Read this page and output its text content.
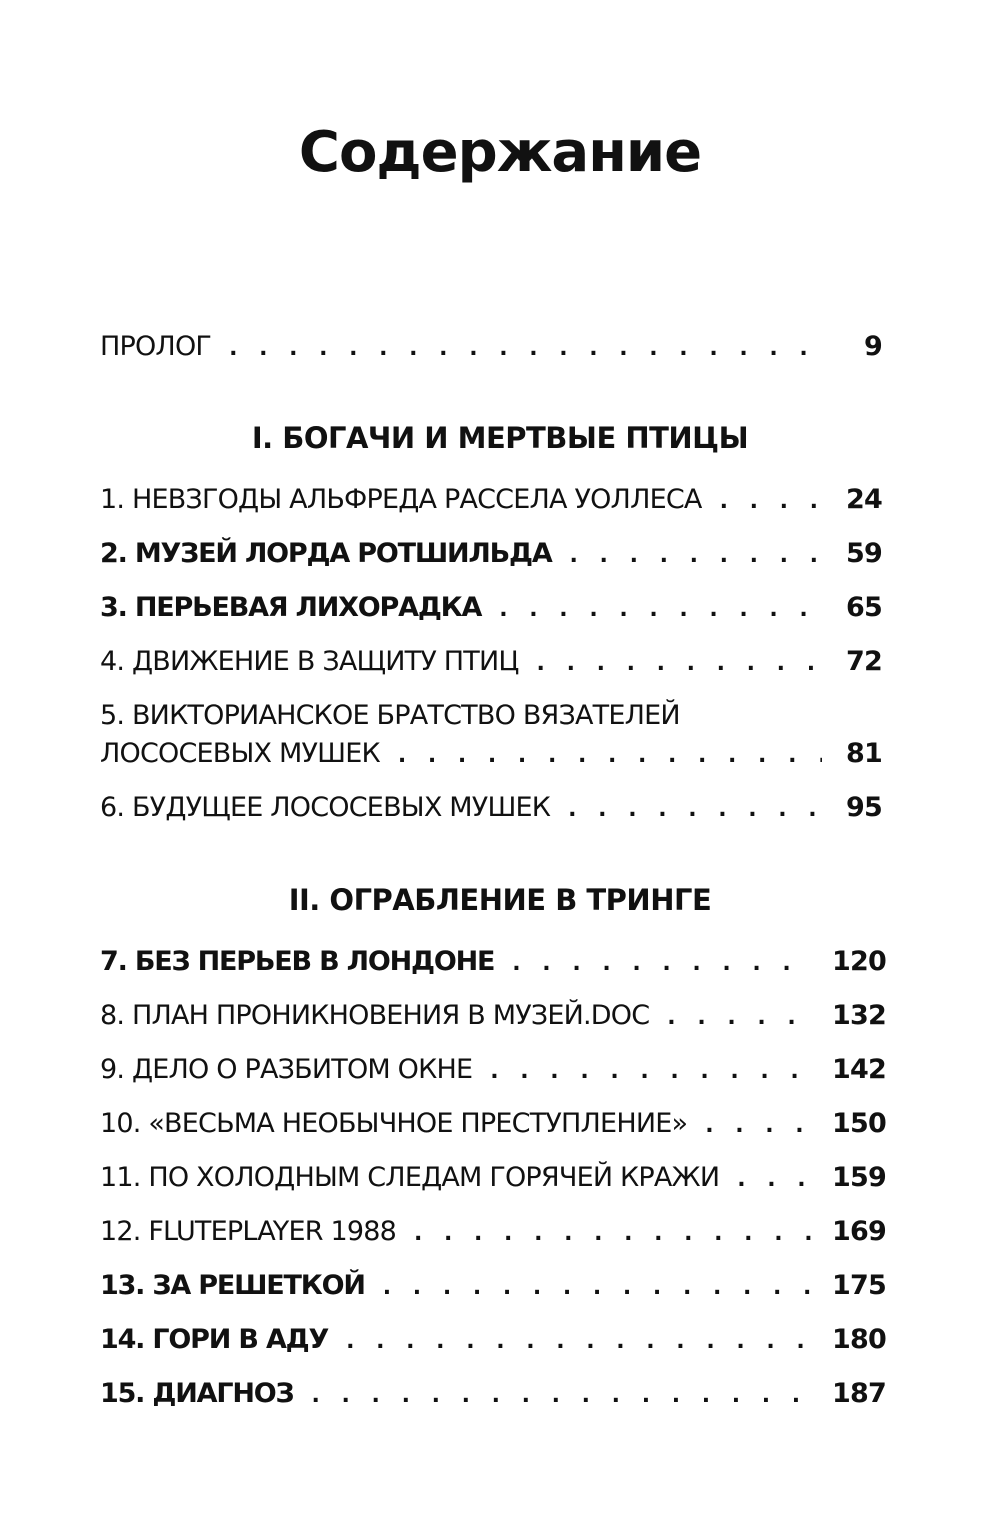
Содержание
ПРОЛОГ . . .	9
I. БОГАЧИ И МЕРТВЫЕ ПТИЦЫ
1. НЕВЗГОДЫ АЛЬФРЕДА РАССЕЛА УОЛЛЕСА . . .	24
2. МУЗЕЙ ЛОРДА РОТШИЛЬДА . . .	59
3. ПЕРЬЕВАЯ ЛИХОРАДКА . . .	65
4. ДВИЖЕНИЕ В ЗАЩИТУ ПТИЦ . . .	72
5. ВИКТОРИАНСКОЕ БРАТСТВО ВЯЗАТЕЛЕЙ
ЛОСОСЕВЫХ МУШЕК . . .	81
6. БУДУЩЕЕ ЛОСОСЕВЫХ МУШЕК . . .	95
II. ОГРАБЛЕНИЕ В ТРИНГЕ
7. БЕЗ ПЕРЬЕВ В ЛОНДОНЕ . . .	120
8. ПЛАН ПРОНИКНОВЕНИЯ В МУЗЕЙ.DOC . . .	132
9. ДЕЛО О РАЗБИТОМ ОКНЕ . . .	142
10. «ВЕСЬМА НЕОБЫЧНОЕ ПРЕСТУПЛЕНИЕ» . . .	150
11. ПО ХОЛОДНЫМ СЛЕДАМ ГОРЯЧЕЙ КРАЖИ . . .	159
12. FLUTEPLAYER 1988 . . .	169
13. ЗА РЕШЕТКОЙ . . .	175
14. ГОРИ В АДУ . . .	180
15. ДИАГНОЗ . . .	187
